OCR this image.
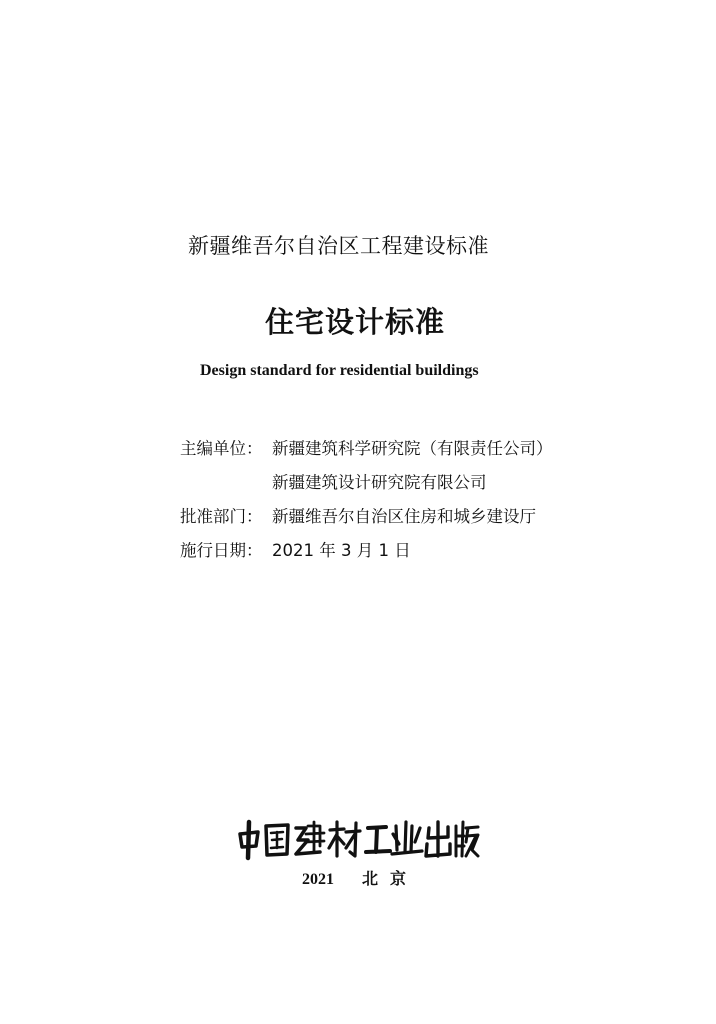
新疆维吾尔自治区工程建设标准
住宅设计标准
Design standard for residential buildings
主编单位： 新疆建筑科学研究院（有限责任公司）
新疆建筑设计研究院有限公司
批准部门： 新疆维吾尔自治区住房和城乡建设厅
施行日期： 2021 年 3 月 1 日
2021 北 京
